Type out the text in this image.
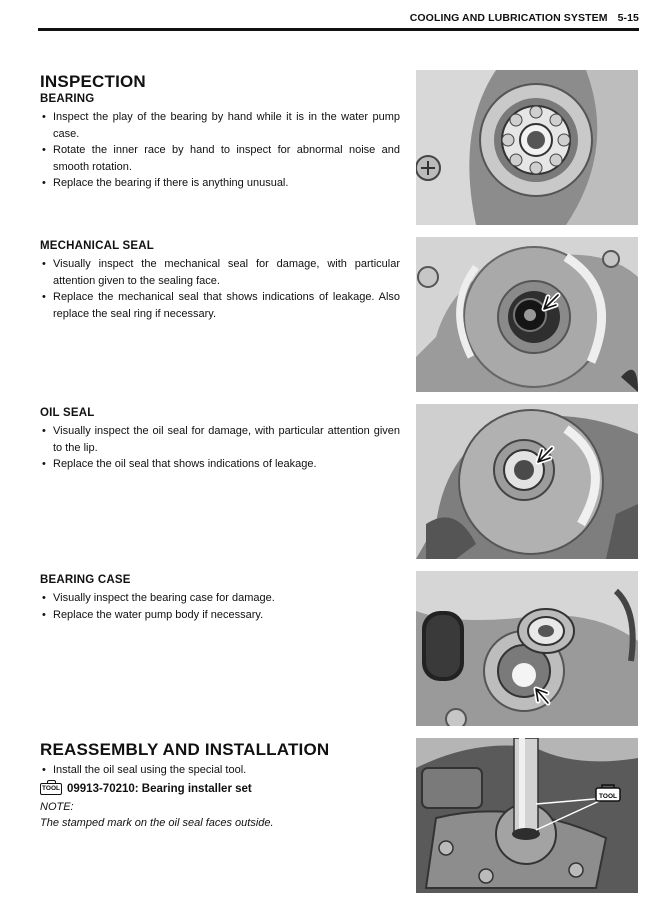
COOLING AND LUBRICATION SYSTEM 5-15
INSPECTION
BEARING
• Inspect the play of the bearing by hand while it is in the water pump case.
• Rotate the inner race by hand to inspect for abnormal noise and smooth rotation.
• Replace the bearing if there is anything unusual.
MECHANICAL SEAL
• Visually inspect the mechanical seal for damage, with particular attention given to the sealing face.
• Replace the mechanical seal that shows indications of leakage. Also replace the seal ring if necessary.
OIL SEAL
• Visually inspect the oil seal for damage, with particular attention given to the lip.
• Replace the oil seal that shows indications of leakage.
BEARING CASE
• Visually inspect the bearing case for damage.
• Replace the water pump body if necessary.
REASSEMBLY AND INSTALLATION
• Install the oil seal using the special tool.
TOOL 09913-70210: Bearing installer set
NOTE:
The stamped mark on the oil seal faces outside.
TOOL
